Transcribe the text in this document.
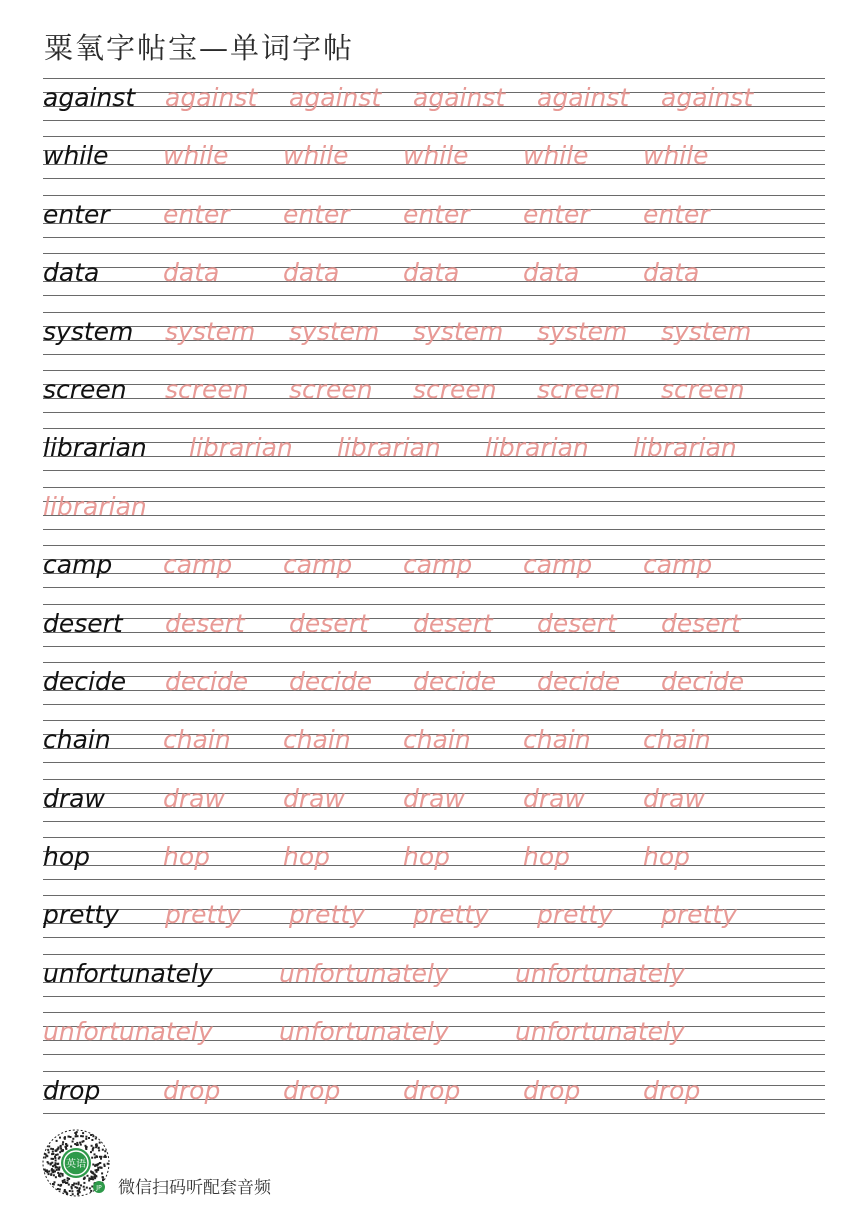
粟氧字帖宝—单词字帖
against against against against against against
while while while while while while
enter enter enter enter enter enter
data	data	data	data	data	data
system system system system system system
screen screen screen screen screen screen
librarian librarian librarian librarian librarian
librarian
camp camp camp camp camp camp
desert desert desert desert desert desert
decide decide decide decide decide decide
chain chain chain chain chain chain
draw draw draw draw draw draw
hop	hop	hop	hop	hop	hop
pretty pretty pretty pretty pretty pretty
unfortunately	unfortunately	unfortunately
unfortunately	unfortunately	unfortunately
drop	drop	drop	drop	drop	drop
英语
JP 微信扫码听配套音频
